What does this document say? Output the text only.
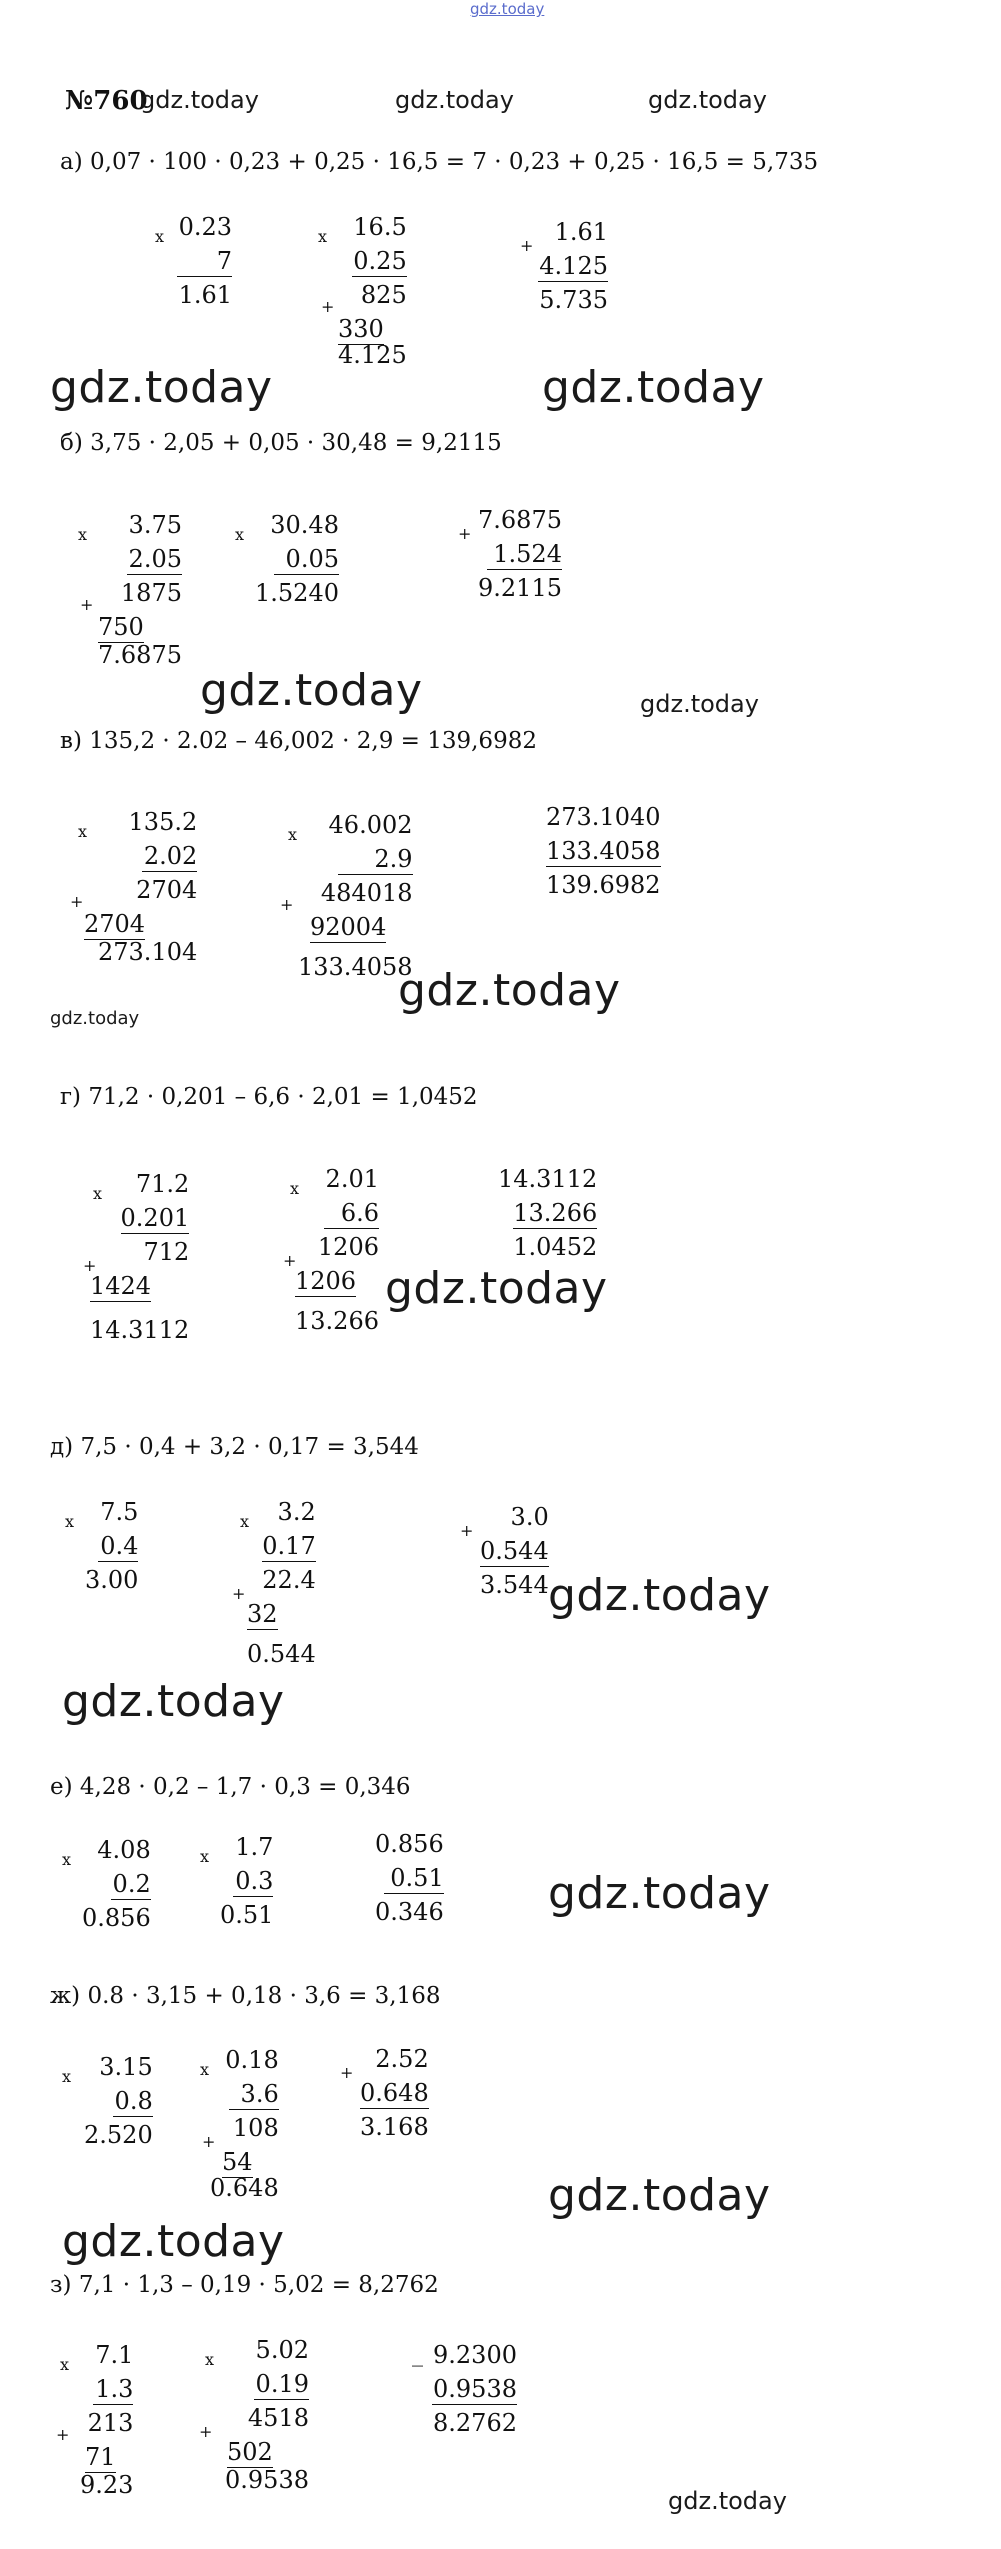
gdz.today
№760
gdz.today	gdz.today	gdz.today
а) 0,07 · 100 · 0,23 + 0,25 · 16,5 = 7 · 0,23 + 0,25 · 16,5 = 5,735
x 0.23
7
1.61
x
+
16.5
0.25
825
330
4.125
+ 1.61
4.125
5.735
gdz.today	gdz.today
б) 3,75 · 2,05 + 0,05 · 30,48 = 9,2115
x
+
3.75
2.05
1875
750
7.6875
x	30.48
0.05
1.5240
+ 7.6875
1.524
9.2115
gdz.today	gdz.today
в) 135,2 · 2.02 – 46,002 · 2,9 = 139,6982
x
+
135.2
2.02
2704
2704
273.104
x
+
46.002
2.9
484018
92004
133.4058
273.1040
133.4058
139.6982
gdz.today
gdz.today
г) 71,2 · 0,201 – 6,6 · 2,01 = 1,0452
x
+
71.2
0.201
712
1424
14.3112
x
+
2.01
6.6
1206
1206
13.266
14.3112
13.266
1.0452
gdz.today
д) 7,5 · 0,4 + 3,2 · 0,17 = 3,544
x	7.5
0.4
3.00
x
+
3.2
0.17
22.4
32
0.544
+	3.0
0.544
3.544 gdz.today
gdz.today
е) 4,28 · 0,2 – 1,7 · 0,3 = 0,346
x	4.08
0.2
0.856
x	1.7
0.3
0.51
0.856
0.51
0.346 gdz.today
ж) 0.8 · 3,15 + 0,18 · 3,6 = 3,168
x	3.15
0.8
2.520
x
+
0.18
3.6
108
54
0.648
+ 2.52
0.648
3.168
gdz.today
gdz.today
з) 7,1 · 1,3 – 0,19 · 5,02 = 8,2762
x
+
7.1
1.3
213
71
9.23
x
+
5.02
0.19
4518
502
0.9538
_ 9.2300
0.9538
8.2762
gdz.today
